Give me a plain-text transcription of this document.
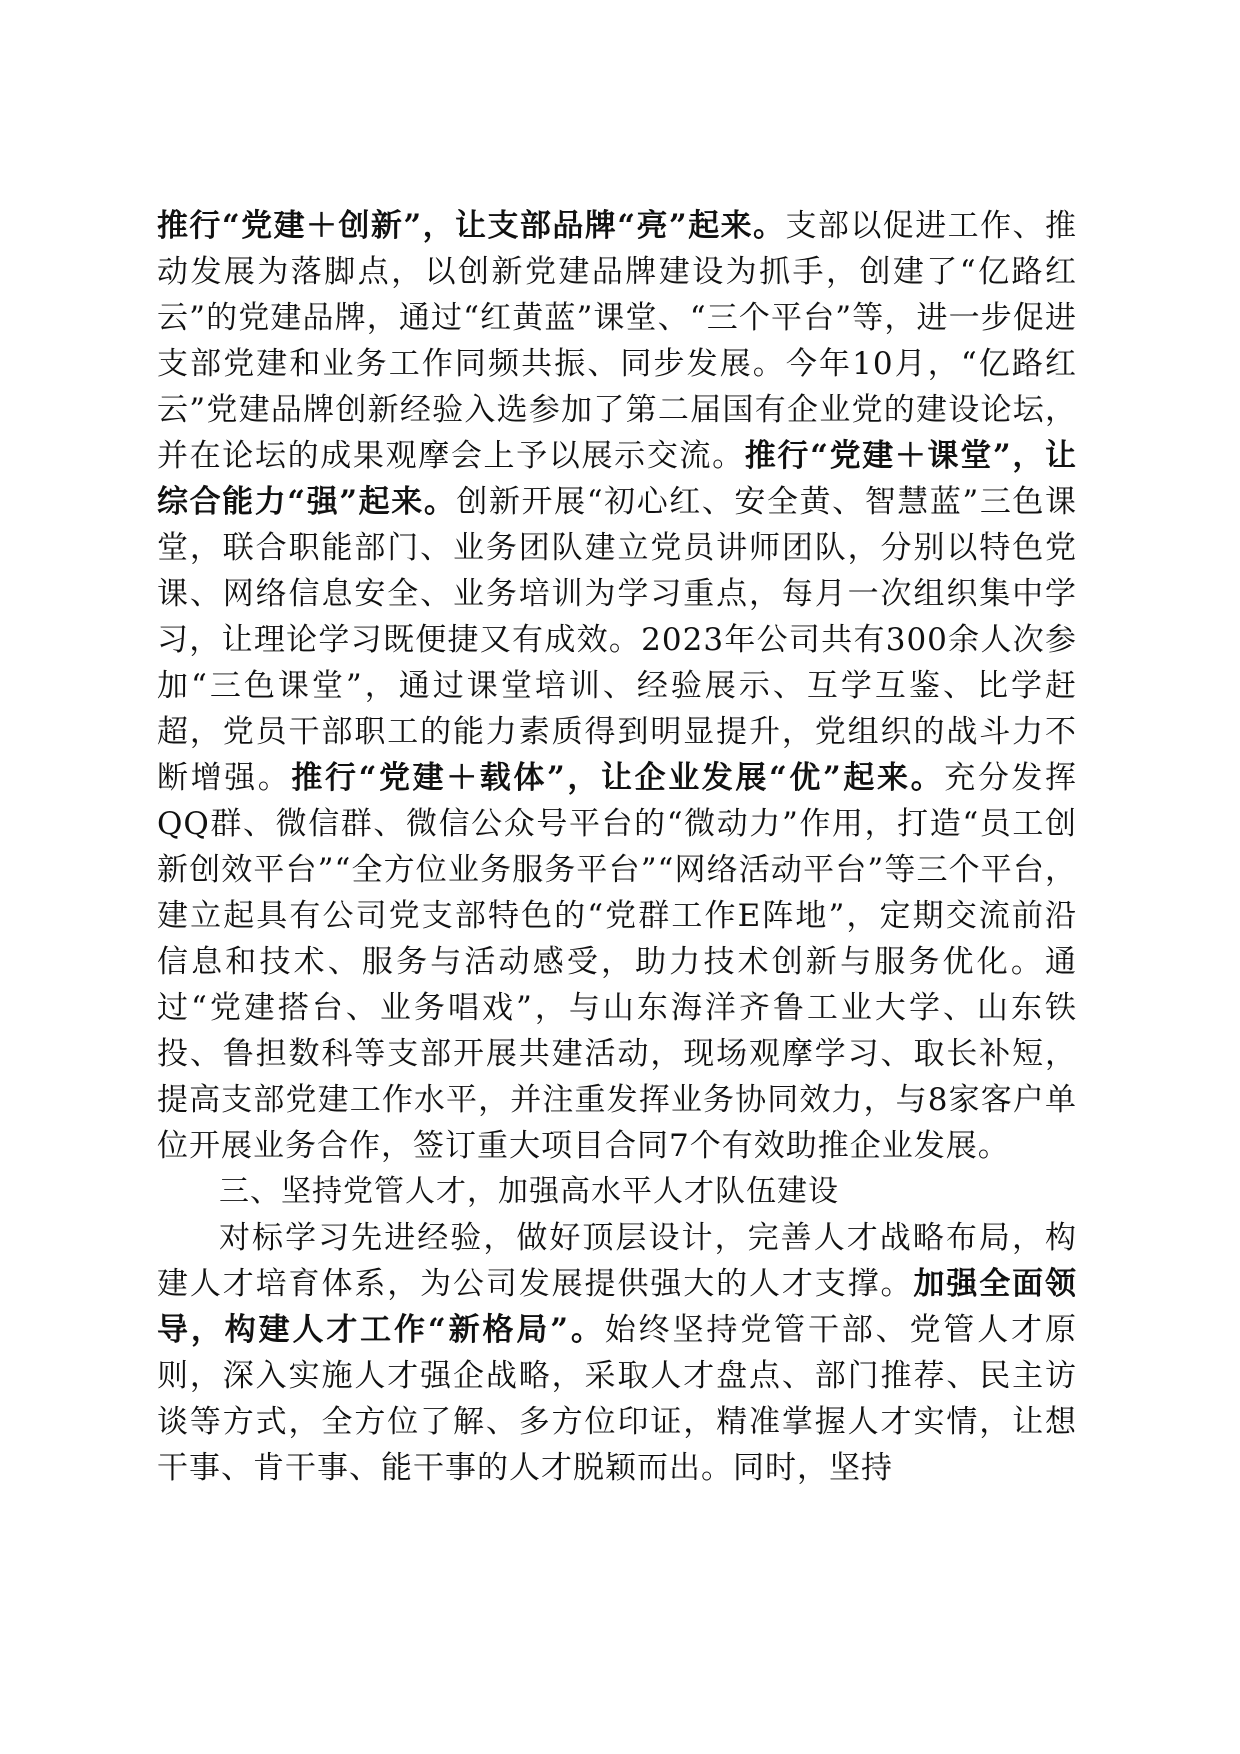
推行“党建＋创新”，让支部品牌“亮”起来。支部以促进工作、推动发展为落脚点，以创新党建品牌建设为抓手，创建了“亿路红云”的党建品牌，通过“红黄蓝”课堂、“三个平台”等，进一步促进支部党建和业务工作同频共振、同步发展。今年10月，“亿路红云”党建品牌创新经验入选参加了第二届国有企业党的建设论坛，并在论坛的成果观摩会上予以展示交流。推行“党建＋课堂”，让综合能力“强”起来。创新开展“初心红、安全黄、智慧蓝”三色课堂，联合职能部门、业务团队建立党员讲师团队，分别以特色党课、网络信息安全、业务培训为学习重点，每月一次组织集中学习，让理论学习既便捷又有成效。2023年公司共有300余人次参加“三色课堂”，通过课堂培训、经验展示、互学互鉴、比学赶超，党员干部职工的能力素质得到明显提升，党组织的战斗力不断增强。推行“党建＋载体”，让企业发展“优”起来。充分发挥QQ群、微信群、微信公众号平台的“微动力”作用，打造“员工创新创效平台”“全方位业务服务平台”“网络活动平台”等三个平台，建立起具有公司党支部特色的“党群工作E阵地”，定期交流前沿信息和技术、服务与活动感受，助力技术创新与服务优化。通过“党建搭台、业务唱戏”，与山东海洋齐鲁工业大学、山东铁投、鲁担数科等支部开展共建活动，现场观摩学习、取长补短，提高支部党建工作水平，并注重发挥业务协同效力，与8家客户单位开展业务合作，签订重大项目合同7个有效助推企业发展。

三、坚持党管人才，加强高水平人才队伍建设

对标学习先进经验，做好顶层设计，完善人才战略布局，构建人才培育体系，为公司发展提供强大的人才支撑。加强全面领导，构建人才工作“新格局”。始终坚持党管干部、党管人才原则，深入实施人才强企战略，采取人才盘点、部门推荐、民主访谈等方式，全方位了解、多方位印证，精准掌握人才实情，让想干事、肯干事、能干事的人才脱颖而出。同时，坚持
